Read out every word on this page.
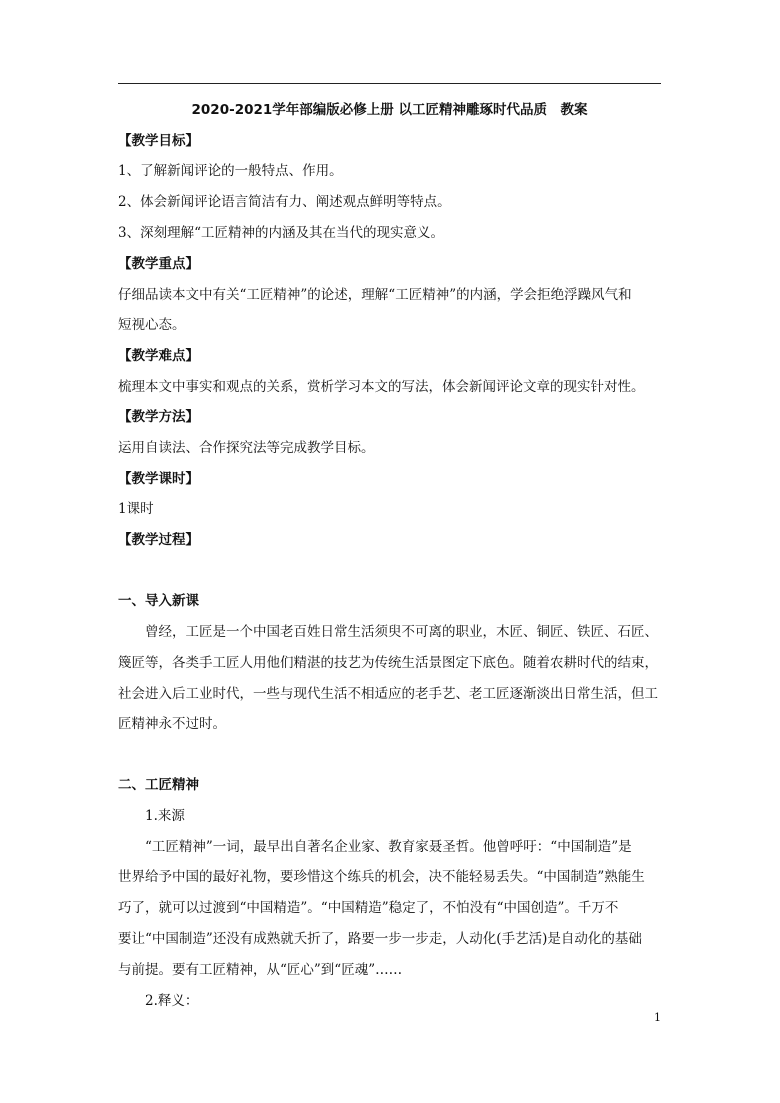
2020-2021学年部编版必修上册 以工匠精神雕琢时代品质　教案
【教学目标】
1、了解新闻评论的一般特点、作用。
2、体会新闻评论语言简洁有力、阐述观点鲜明等特点。
3、深刻理解“工匠精神的内涵及其在当代的现实意义。
【教学重点】
仔细品读本文中有关“工匠精神”的论述，理解“工匠精神”的内涵，学会拒绝浮躁风气和
短视心态。
【教学难点】
梳理本文中事实和观点的关系，赏析学习本文的写法，体会新闻评论文章的现实针对性。
【教学方法】
运用自读法、合作探究法等完成教学目标。
【教学课时】
1课时
【教学过程】
一、导入新课
曾经，工匠是一个中国老百姓日常生活须臾不可离的职业，木匠、铜匠、铁匠、石匠、
篾匠等，各类手工匠人用他们精湛的技艺为传统生活景图定下底色。随着农耕时代的结束，
社会进入后工业时代，一些与现代生活不相适应的老手艺、老工匠逐渐淡出日常生活，但工
匠精神永不过时。
二、工匠精神
1.来源
“工匠精神”一词，最早出自著名企业家、教育家聂圣哲。他曾呼吁：“中国制造”是
世界给予中国的最好礼物，要珍惜这个练兵的机会，决不能轻易丢失。“中国制造”熟能生
巧了，就可以过渡到“中国精造”。“中国精造”稳定了，不怕没有“中国创造”。千万不
要让“中国制造”还没有成熟就夭折了，路要一步一步走，人动化(手艺活)是自动化的基础
与前提。要有工匠精神，从“匠心”到“匠魂”……
2.释义：
1
